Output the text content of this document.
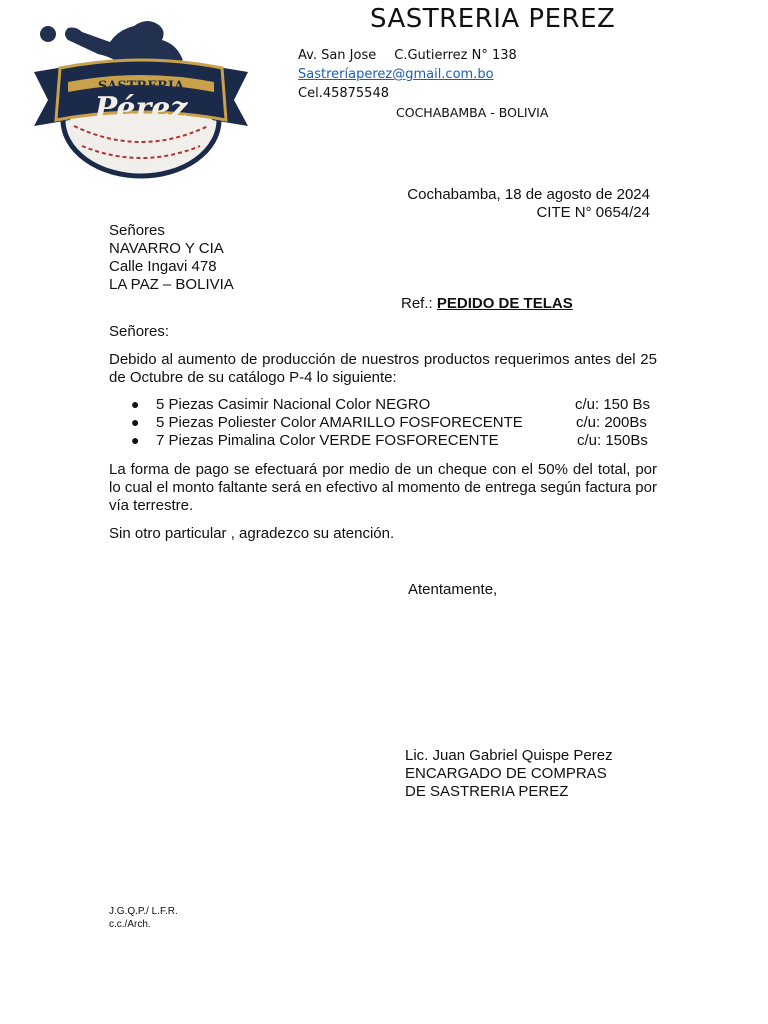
SASTRERIA
Pérez
SASTRERIA PEREZ
Av. San Jose C.Gutierrez N° 138
Sastreríaperez@gmail.com.bo
Cel.45875548
COCHABAMBA - BOLIVIA
Cochabamba, 18 de agosto de 2024
CITE N° 0654/24
Señores
NAVARRO Y CIA
Calle Ingavi 478
LA PAZ – BOLIVIA
Ref.: PEDIDO DE TELAS
Señores:
Debido al aumento de producción de nuestros productos requerimos antes del 25 de Octubre de su catálogo P-4 lo siguiente:
● 5 Piezas Casimir Nacional Color NEGRO	c/u: 150 Bs
● 5 Piezas Poliester Color AMARILLO FOSFORECENTE	c/u: 200Bs
● 7 Piezas Pimalina Color VERDE FOSFORECENTE	c/u: 150Bs
La forma de pago se efectuará por medio de un cheque con el 50% del total, por lo cual el monto faltante será en efectivo al momento de entrega según factura por vía terrestre.
Sin otro particular , agradezco su atención.
Atentamente,
Lic. Juan Gabriel Quispe Perez
ENCARGADO DE COMPRAS
DE SASTRERIA PEREZ
J.G.Q.P./ L.F.R.
c.c./Arch.
